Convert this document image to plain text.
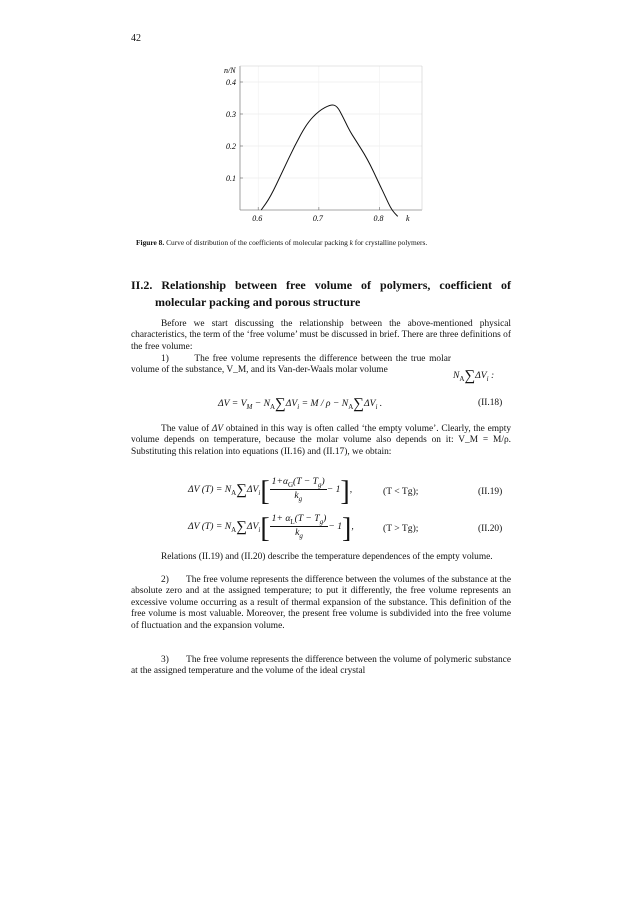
42
0.1
0.2
0.3
0.4
0.6	0.7	0.8
n/N
k
Figure 8. Curve of distribution of the coefficients of molecular packing k for crystalline polymers.
II.2. Relationship between free volume of polymers, coefficient of
molecular packing and porous structure
Before we start discussing the relationship between the above-mentioned physical characteristics, the term of the ‘free volume’ must be discussed in brief. There are three definitions of the free volume:
1)       The free volume represents the difference between the true molar volume of the substance, V_M, and its Van-der-Waals molar volume	$N_A\sum\Delta V_i$ :
$\Delta V = V_M - N_A\sum\Delta V_i = M / \rho - N_A\sum\Delta V_i$ .	(II.18)
The value of ΔV obtained in this way is often called ‘the empty volume’. Clearly, the empty volume depends on temperature, because the molar volume also depends on it: V_M = M/ρ. Substituting this relation into equations (II.16) and (II.17), we obtain:
ΔV $(T) = N_A\sum\Delta V_i[ \frac{1+\alpha_G(T - T_g)}{k_g} - 1]$,	(T < Tg);	(II.19)
ΔV $(T) = N_A\sum\Delta V_i[ \frac{1+ \alpha_L(T - T_g)}{k_g} - 1]$,	(T > Tg);	(II.20)
Relations (II.19) and (II.20) describe the temperature dependences of the empty volume.
2)       The free volume represents the difference between the volumes of the substance at the absolute zero and at the assigned temperature; to put it differently, the free volume represents an excessive volume occurring as a result of thermal expansion of the substance. This definition of the free volume is most valuable. Moreover, the present free volume is subdivided into the free volume of fluctuation and the expansion volume.
3)       The free volume represents the difference between the volume of polymeric substance at the assigned temperature and the volume of the ideal crystal
